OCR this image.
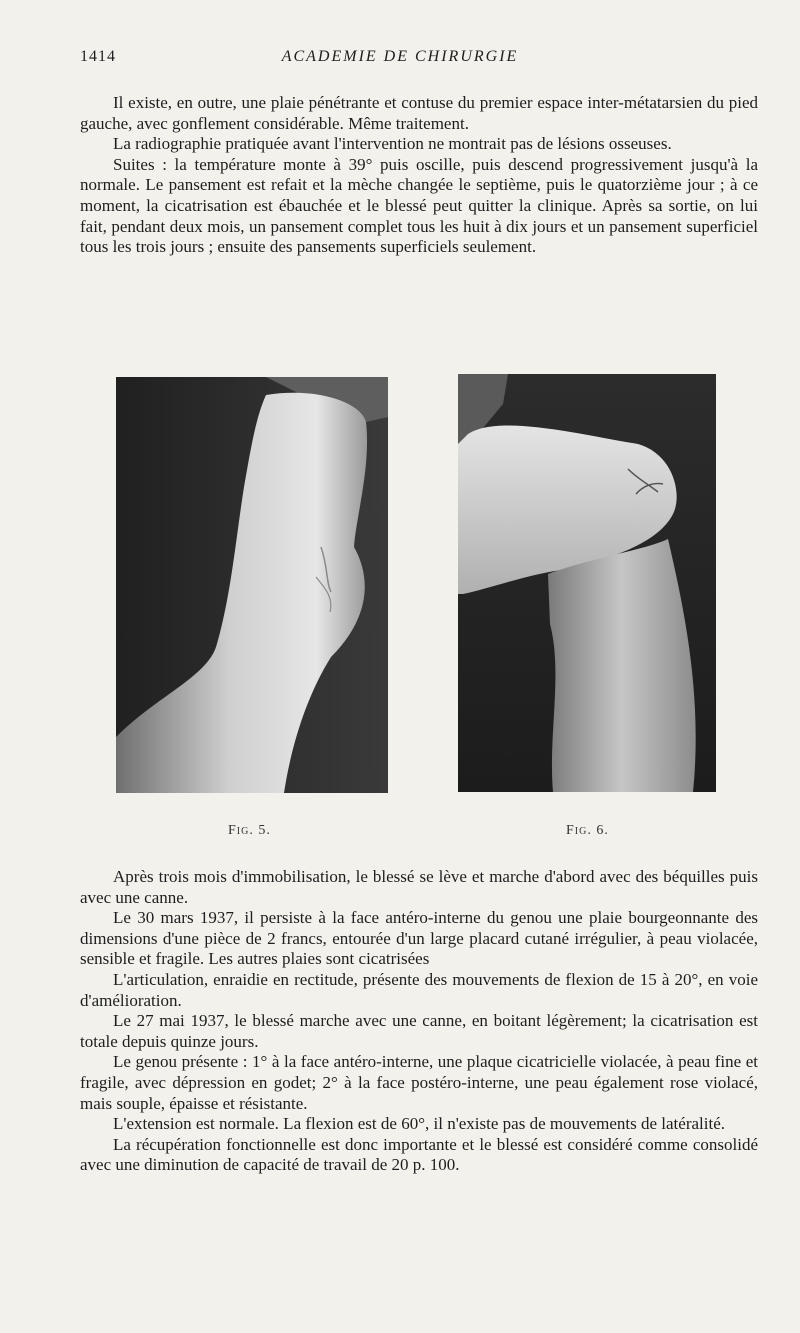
1414	ACADEMIE DE CHIRURGIE

Il existe, en outre, une plaie pénétrante et contuse du premier espace inter-métatarsien du pied gauche, avec gonflement considérable. Même traitement.

La radiographie pratiquée avant l'intervention ne montrait pas de lésions osseuses.

Suites : la température monte à 39° puis oscille, puis descend progressivement jusqu'à la normale. Le pansement est refait et la mèche changée le septième, puis le quatorzième jour ; à ce moment, la cicatrisation est ébauchée et le blessé peut quitter la clinique. Après sa sortie, on lui fait, pendant deux mois, un pansement complet tous les huit à dix jours et un pansement superficiel tous les trois jours ; ensuite des pansements superficiels seulement.

Fig. 5.	Fig. 6.

Après trois mois d'immobilisation, le blessé se lève et marche d'abord avec des béquilles puis avec une canne.

Le 30 mars 1937, il persiste à la face antéro-interne du genou une plaie bourgeonnante des dimensions d'une pièce de 2 francs, entourée d'un large placard cutané irrégulier, à peau violacée, sensible et fragile. Les autres plaies sont cicatrisées

L'articulation, enraidie en rectitude, présente des mouvements de flexion de 15 à 20°, en voie d'amélioration.

Le 27 mai 1937, le blessé marche avec une canne, en boitant légèrement; la cicatrisation est totale depuis quinze jours.

Le genou présente : 1° à la face antéro-interne, une plaque cicatricielle violacée, à peau fine et fragile, avec dépression en godet; 2° à la face postéro-interne, une peau également rose violacé, mais souple, épaisse et résistante.

L'extension est normale. La flexion est de 60°, il n'existe pas de mouvements de latéralité.

La récupération fonctionnelle est donc importante et le blessé est considéré comme consolidé avec une diminution de capacité de travail de 20 p. 100.
